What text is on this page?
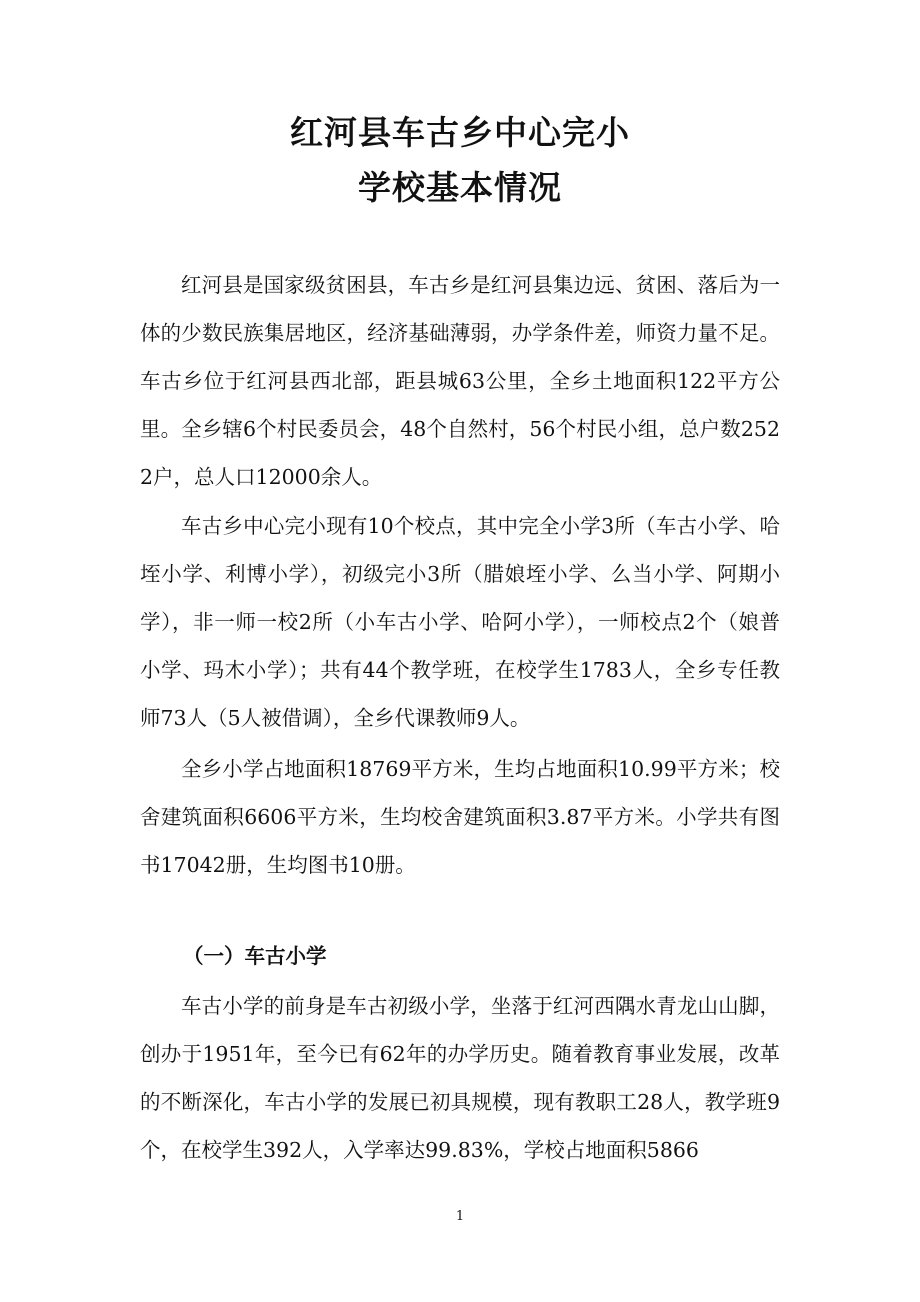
红河县车古乡中心完小
学校基本情况

红河县是国家级贫困县，车古乡是红河县集边远、贫困、落后为一体的少数民族集居地区，经济基础薄弱，办学条件差，师资力量不足。车古乡位于红河县西北部，距县城63公里，全乡土地面积122平方公里。全乡辖6个村民委员会，48个自然村，56个村民小组，总户数2522户，总人口12000余人。

车古乡中心完小现有10个校点，其中完全小学3所（车古小学、哈垤小学、利博小学），初级完小3所（腊娘垤小学、么当小学、阿期小学），非一师一校2所（小车古小学、哈阿小学），一师校点2个（娘普小学、玛木小学）；共有44个教学班，在校学生1783人，全乡专任教师73人（5人被借调），全乡代课教师9人。

全乡小学占地面积18769平方米，生均占地面积10.99平方米；校舍建筑面积6606平方米，生均校舍建筑面积3.87平方米。小学共有图书17042册，生均图书10册。

（一）车古小学

车古小学的前身是车古初级小学，坐落于红河西隅水青龙山山脚，创办于1951年，至今已有62年的办学历史。随着教育事业发展，改革的不断深化，车古小学的发展已初具规模，现有教职工28人，教学班9个，在校学生392人，入学率达99.83%，学校占地面积5866

1
